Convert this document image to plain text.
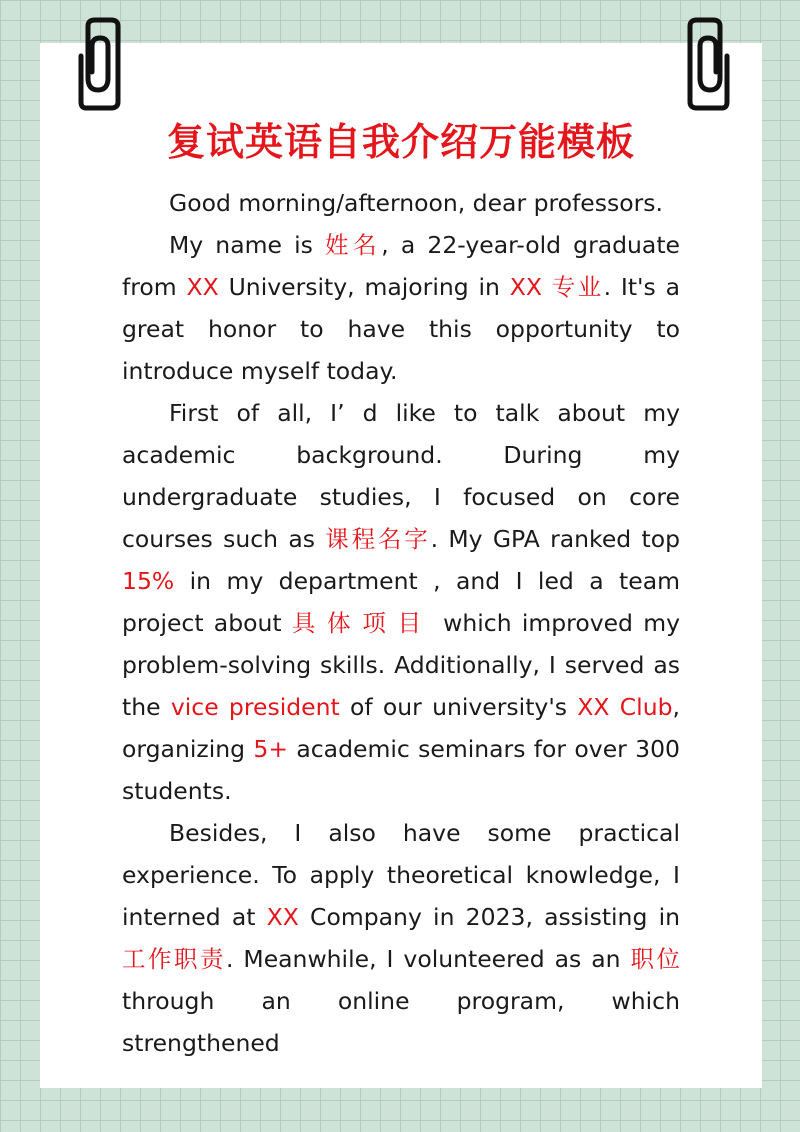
复试英语自我介绍万能模板

Good morning/afternoon, dear professors.

My name is 姓名, a 22-year-old graduate from XX University, majoring in XX 专业. It's a great honor to have this opportunity to introduce myself today.

First of all, I’ d like to talk about my academic background. During my undergraduate studies, I focused on core courses such as 课程名字. My GPA ranked top 15% in my department , and I led a team project about 具体项目 which improved my problem-solving skills. Additionally, I served as the vice president of our university's XX Club, organizing 5+ academic seminars for over 300 students.

Besides, I also have some practical experience. To apply theoretical knowledge, I interned at XX Company in 2023, assisting in 工作职责. Meanwhile, I volunteered as an 职位 through an online program, which strengthened
